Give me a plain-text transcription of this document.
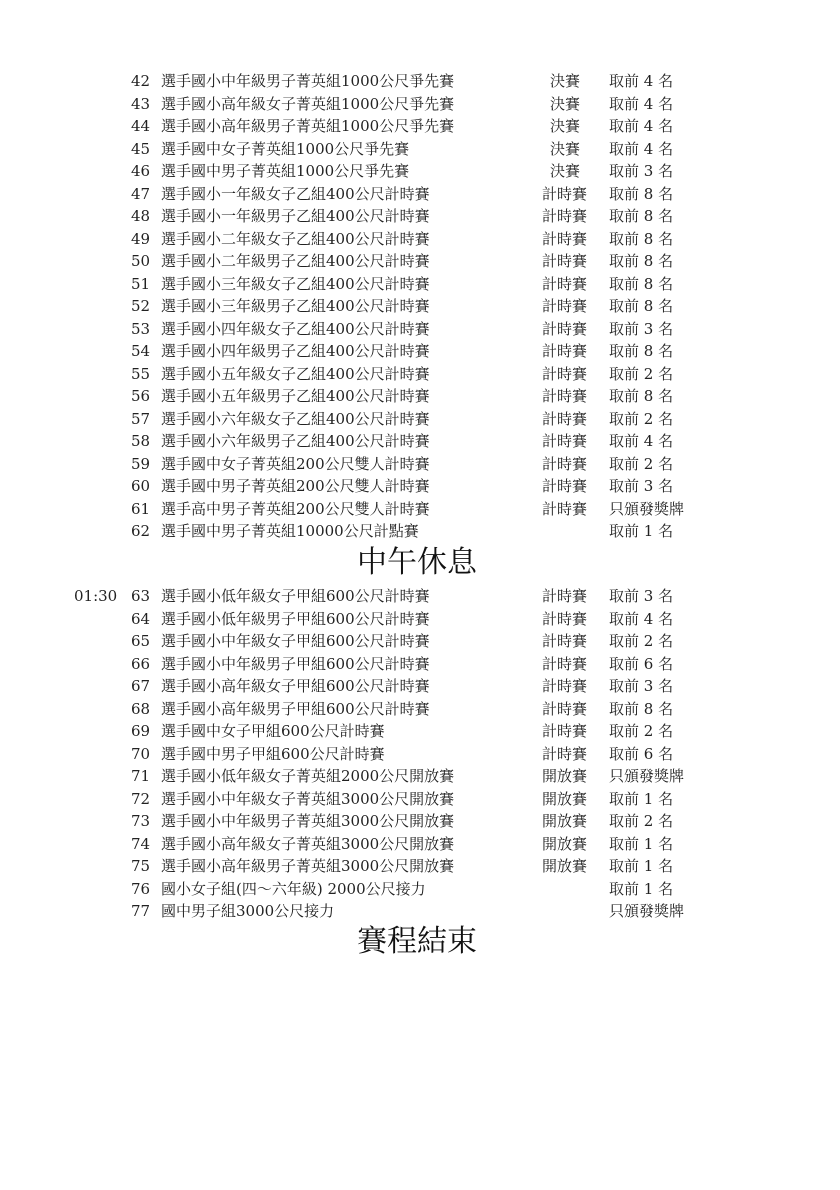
42 選手國小中年級男子菁英組1000公尺爭先賽	決賽 取前 4 名
43 選手國小高年級女子菁英組1000公尺爭先賽	決賽 取前 4 名
44 選手國小高年級男子菁英組1000公尺爭先賽	決賽 取前 4 名
45 選手國中女子菁英組1000公尺爭先賽	決賽 取前 4 名
46 選手國中男子菁英組1000公尺爭先賽	決賽 取前 3 名
47 選手國小一年級女子乙組400公尺計時賽	計時賽 取前 8 名
48 選手國小一年級男子乙組400公尺計時賽	計時賽 取前 8 名
49 選手國小二年級女子乙組400公尺計時賽	計時賽 取前 8 名
50 選手國小二年級男子乙組400公尺計時賽	計時賽 取前 8 名
51 選手國小三年級女子乙組400公尺計時賽	計時賽 取前 8 名
52 選手國小三年級男子乙組400公尺計時賽	計時賽 取前 8 名
53 選手國小四年級女子乙組400公尺計時賽	計時賽 取前 3 名
54 選手國小四年級男子乙組400公尺計時賽	計時賽 取前 8 名
55 選手國小五年級女子乙組400公尺計時賽	計時賽 取前 2 名
56 選手國小五年級男子乙組400公尺計時賽	計時賽 取前 8 名
57 選手國小六年級女子乙組400公尺計時賽	計時賽 取前 2 名
58 選手國小六年級男子乙組400公尺計時賽	計時賽 取前 4 名
59 選手國中女子菁英組200公尺雙人計時賽	計時賽 取前 2 名
60 選手國中男子菁英組200公尺雙人計時賽	計時賽 取前 3 名
61 選手高中男子菁英組200公尺雙人計時賽	計時賽 只頒發獎牌
62 選手國中男子菁英組10000公尺計點賽	取前 1 名
中午休息
01:30 63 選手國小低年級女子甲組600公尺計時賽	計時賽 取前 3 名
64 選手國小低年級男子甲組600公尺計時賽	計時賽 取前 4 名
65 選手國小中年級女子甲組600公尺計時賽	計時賽 取前 2 名
66 選手國小中年級男子甲組600公尺計時賽	計時賽 取前 6 名
67 選手國小高年級女子甲組600公尺計時賽	計時賽 取前 3 名
68 選手國小高年級男子甲組600公尺計時賽	計時賽 取前 8 名
69 選手國中女子甲組600公尺計時賽	計時賽 取前 2 名
70 選手國中男子甲組600公尺計時賽	計時賽 取前 6 名
71 選手國小低年級女子菁英組2000公尺開放賽	開放賽 只頒發獎牌
72 選手國小中年級女子菁英組3000公尺開放賽	開放賽 取前 1 名
73 選手國小中年級男子菁英組3000公尺開放賽	開放賽 取前 2 名
74 選手國小高年級女子菁英組3000公尺開放賽	開放賽 取前 1 名
75 選手國小高年級男子菁英組3000公尺開放賽	開放賽 取前 1 名
76 國小女子組(四～六年級) 2000公尺接力	取前 1 名
77 國中男子組3000公尺接力	只頒發獎牌
賽程結束
